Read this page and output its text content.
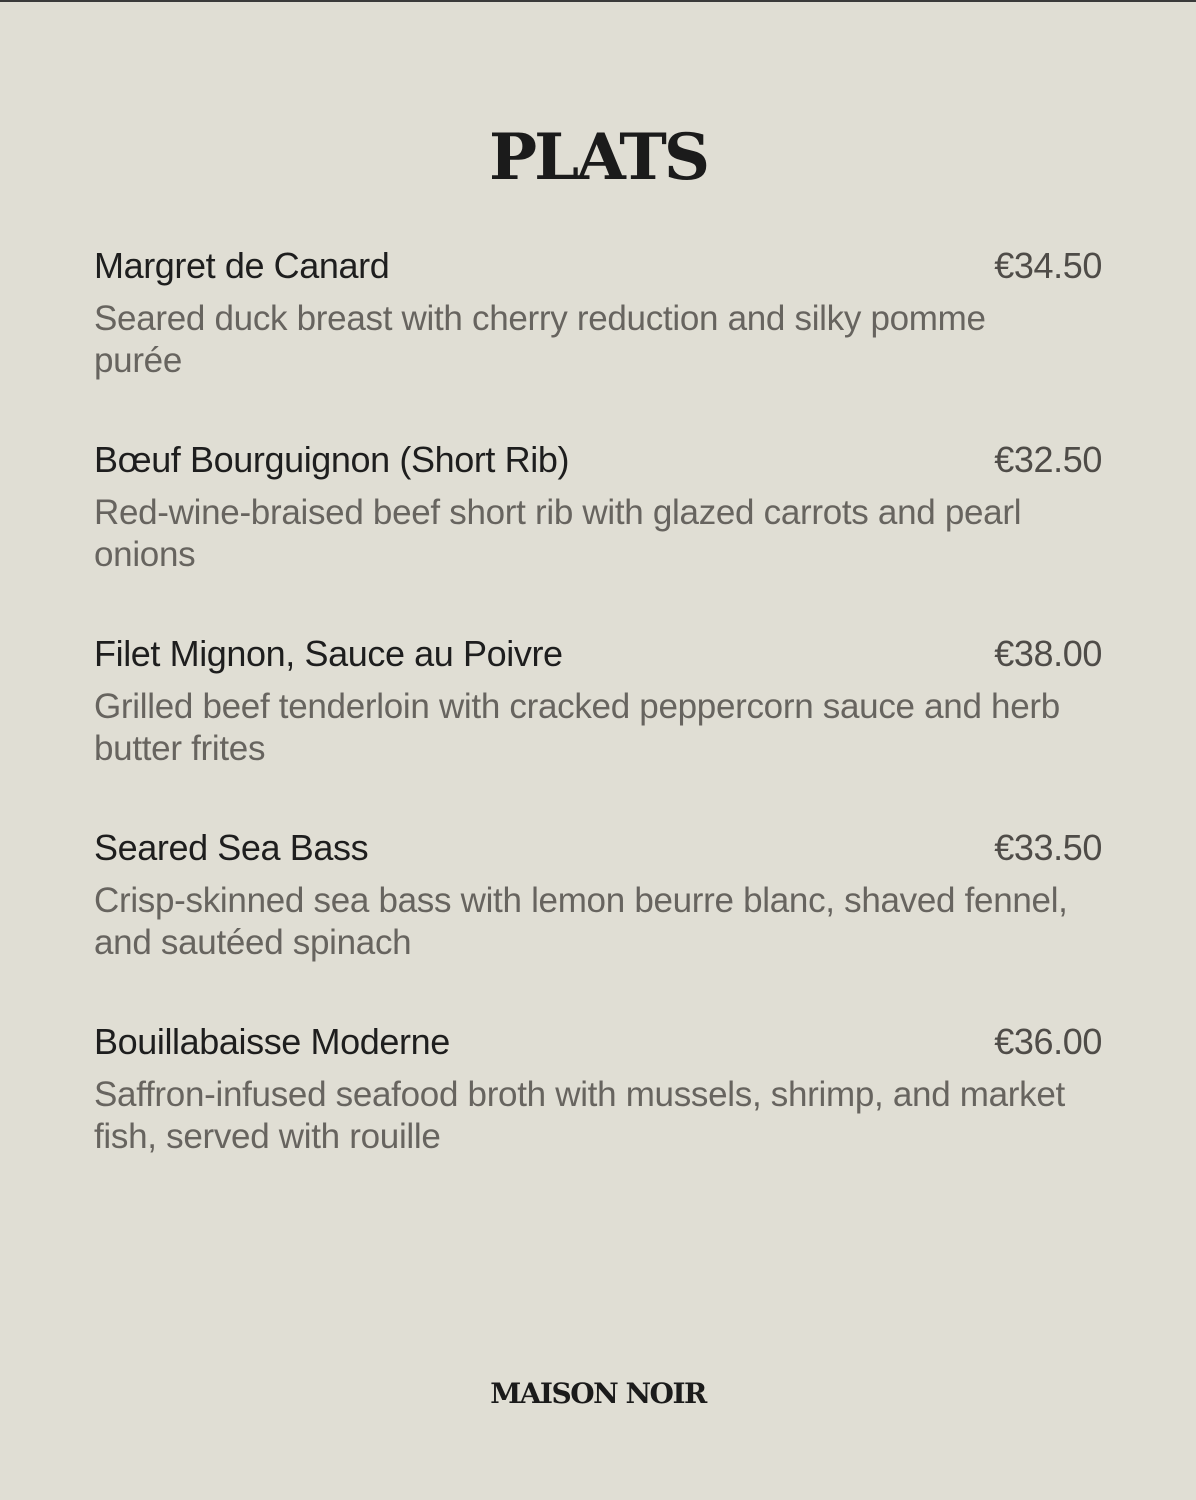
PLATS
Margret de Canard	€34.50
Seared duck breast with cherry reduction and silky pomme purée
Bœuf Bourguignon (Short Rib)	€32.50
Red-wine-braised beef short rib with glazed carrots and pearl onions
Filet Mignon, Sauce au Poivre	€38.00
Grilled beef tenderloin with cracked peppercorn sauce and herb butter frites
Seared Sea Bass	€33.50
Crisp-skinned sea bass with lemon beurre blanc, shaved fennel, and sautéed spinach
Bouillabaisse Moderne	€36.00
Saffron-infused seafood broth with mussels, shrimp, and market fish, served with rouille
MAISON NOIR
